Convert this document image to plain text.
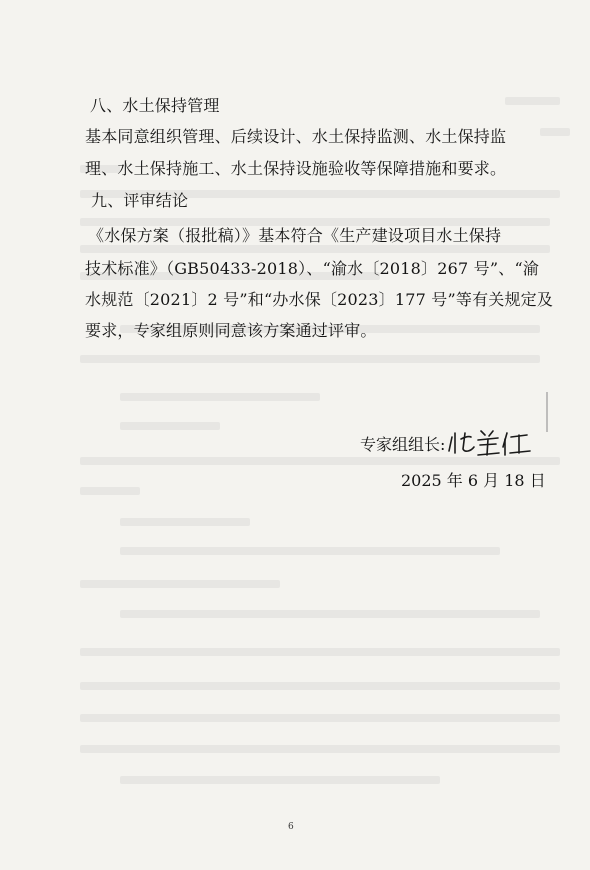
八、水土保持管理
基本同意组织管理、后续设计、水土保持监测、水土保持监
理、水土保持施工、水土保持设施验收等保障措施和要求。
九、评审结论
《水保方案（报批稿）》基本符合《生产建设项目水土保持
技术标准》（GB50433-2018）、“渝水〔2018〕267 号”、“渝
水规范〔2021〕2 号”和“办水保〔2023〕177 号”等有关规定及
要求，专家组原则同意该方案通过评审。
专家组组长:
2025 年 6 月 18 日
6
